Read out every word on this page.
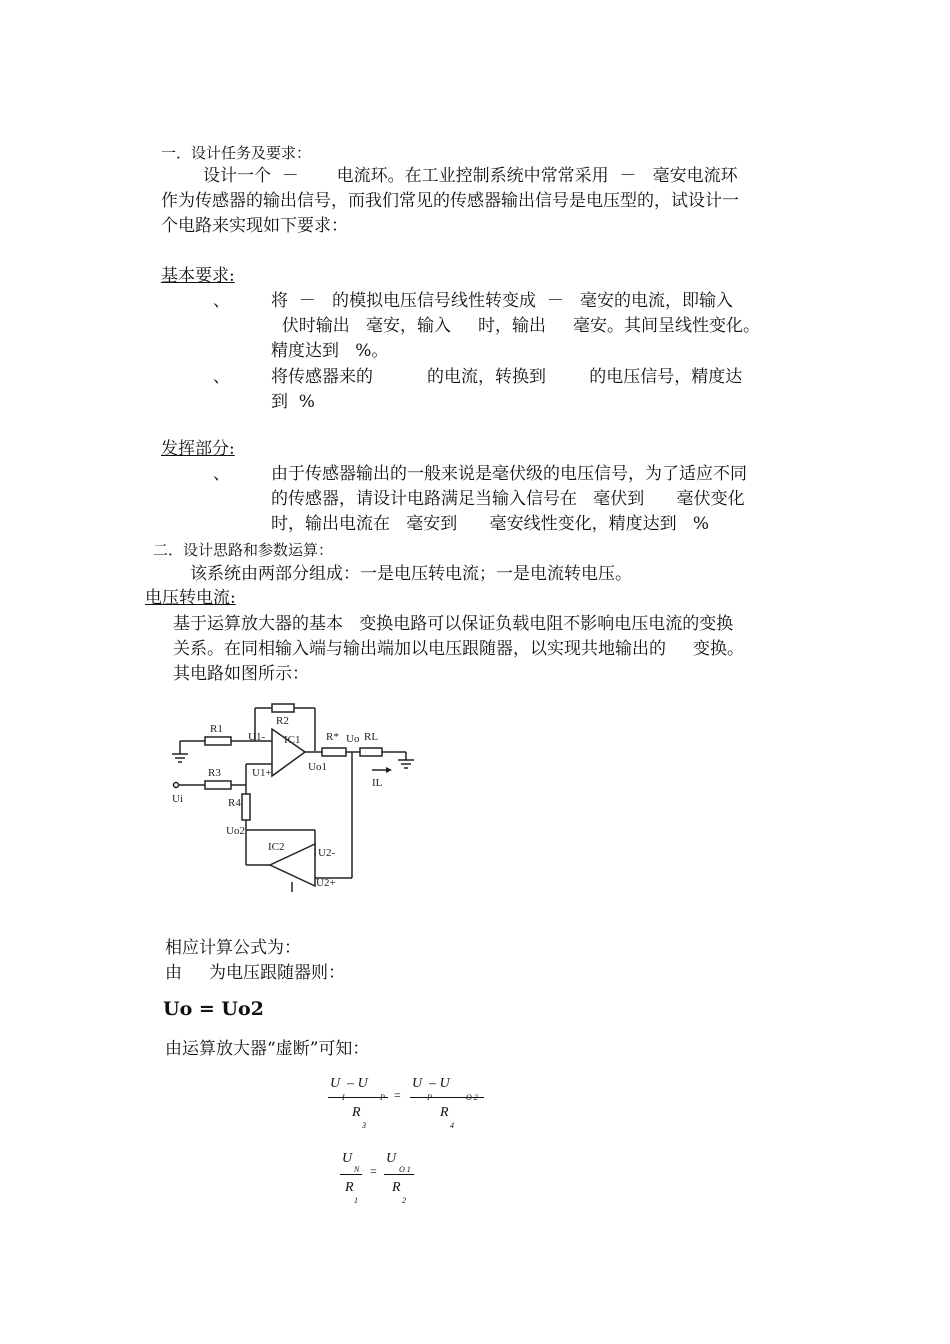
一．设计任务及要求：
设计一个  －       电流环。在工业控制系统中常常采用  －   毫安电流环
作为传感器的输出信号，而我们常见的传感器输出信号是电压型的，试设计一
个电路来实现如下要求：
基本要求:
、 将  －   的模拟电压信号线性转变成  －   毫安的电流，即输入
伏时输出   毫安，输入     时，输出     毫安。其间呈线性变化。
精度达到   %。
、 将传感器来的          的电流，转换到        的电压信号，精度达
到  %
发挥部分:
、 由于传感器输出的一般来说是毫伏级的电压信号，为了适应不同
的传感器，请设计电路满足当输入信号在   毫伏到      毫伏变化
时，输出电流在   毫安到      毫安线性变化，精度达到   %
二．设计思路和参数运算：
该系统由两部分组成：一是电压转电流；一是电流转电压。
电压转电流:
基于运算放大器的基本   变换电路可以保证负载电阻不影响电压电流的变换
关系。在同相输入端与输出端加以电压跟随器，以实现共地输出的     变换。
其电路如图所示：
R1
R2
R3
R4
R* RL
IC1
IC2
U1-
U1+	Uo1
Uo
Ui
Uo2
U2-
U2+
IL
相应计算公式为：
由     为电压跟随器则：
Uo = Uo2
由运算放大器“虚断”可知：
U  – U
=
R
3
U  – U
R
4
U
N =
R
1
U
O 1
R
2
